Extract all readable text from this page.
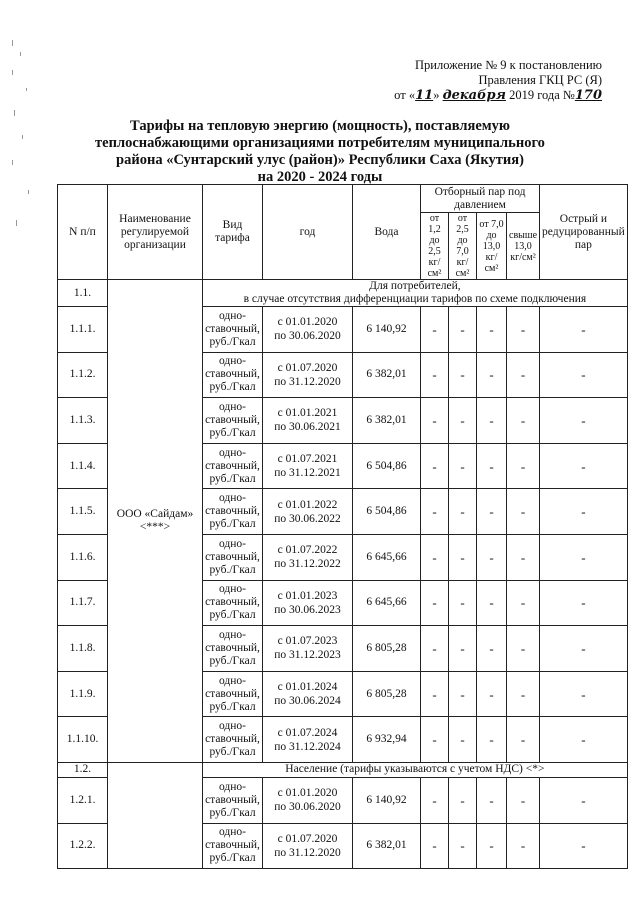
Приложение № 9 к постановлению
Правления ГКЦ РС (Я)
от «11» декабря 2019 года №170
Тарифы на тепловую энергию (мощность), поставляемую
теплоснабжающими организациями потребителям муниципального
района «Сунтарский улус (район)» Республики Саха (Якутия)
на 2020 - 2024 годы
N п/п	Наименование регулируемой организации	Вид тарифа	год	Вода	Отборный пар под давлением				Острый и редуцированный пар
					от 1,2 до 2,5 кг/см²	от 2,5 до 7,0 кг/см²	от 7,0 до 13,0 кг/см²	свыше 13,0 кг/см²	
1.1.	ООО «Сайдам» <***>	Для потребителей,
в случае отсутствия дифференциации тарифов по схеме подключения							

1.1.1.		одно-ставочный, руб./Гкал	с 01.01.2020
по 30.06.2020	6 140,92	-	-	-	-	-
1.1.2.		одно-ставочный, руб./Гкал	с 01.07.2020
по 31.12.2020	6 382,01	-	-	-	-	-
1.1.3.		одно-ставочный, руб./Гкал	с 01.01.2021
по 30.06.2021	6 382,01	-	-	-	-	-
1.1.4.		одно-ставочный, руб./Гкал	с 01.07.2021
по 31.12.2021	6 504,86	-	-	-	-	-
1.1.5.		одно-ставочный, руб./Гкал	с 01.01.2022
по 30.06.2022	6 504,86	-	-	-	-	-
1.1.6.		одно-ставочный, руб./Гкал	с 01.07.2022
по 31.12.2022	6 645,66	-	-	-	-	-
1.1.7.		одно-ставочный, руб./Гкал	с 01.01.2023
по 30.06.2023	6 645,66	-	-	-	-	-
1.1.8.		одно-ставочный, руб./Гкал	с 01.07.2023
по 31.12.2023	6 805,28	-	-	-	-	-
1.1.9.		одно-ставочный, руб./Гкал	с 01.01.2024
по 30.06.2024	6 805,28	-	-	-	-	-
1.1.10.		одно-ставочный, руб./Гкал	с 01.07.2024
по 31.12.2024	6 932,94	-	-	-	-	-
1.2.		Население (тарифы указываются с учетом НДС) <*>							
1.2.1.		одно-ставочный, руб./Гкал	с 01.01.2020
по 30.06.2020	6 140,92	-	-	-	-	-
1.2.2.		одно-ставочный, руб./Гкал	с 01.07.2020
по 31.12.2020	6 382,01	-	-	-	-	-
